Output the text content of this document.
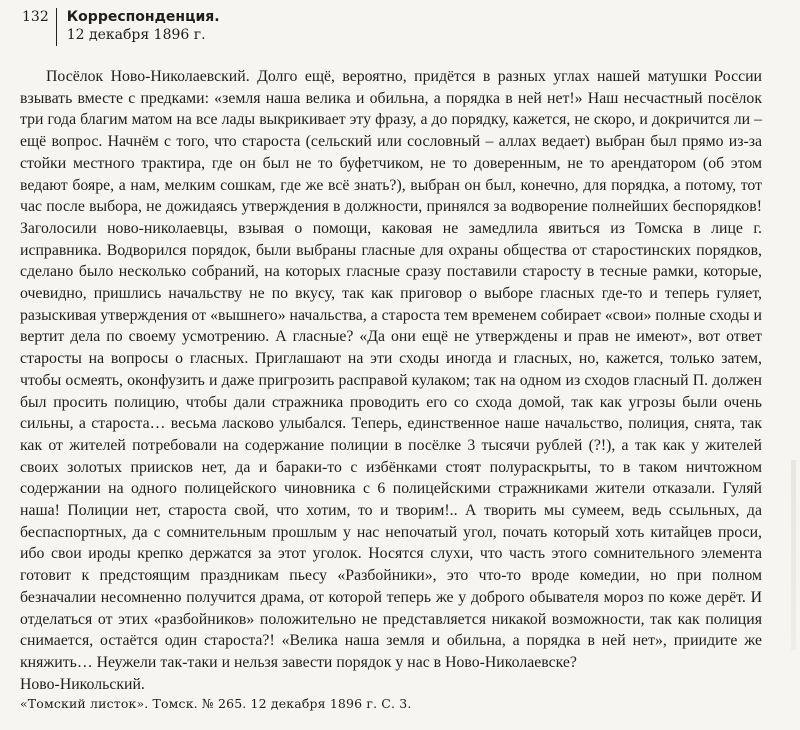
132	Корреспонденция.
12 декабря 1896 г.

Посёлок Ново-Николаевский. Долго ещё, вероятно, придётся в разных углах нашей матушки России взывать вместе с предками: «земля наша велика и обильна, а порядка в ней нет!» Наш несчастный посёлок три года благим матом на все лады выкрикивает эту фразу, а до порядку, кажется, не скоро, и докричится ли – ещё вопрос. Начнём с того, что староста (сельский или сословный – аллах ведает) выбран был прямо из-за стойки местного трактира, где он был не то буфетчиком, не то доверенным, не то арендатором (об этом ведают бояре, а нам, мелким сошкам, где же всё знать?), выбран он был, конечно, для порядка, а потому, тот час после выбора, не дожидаясь утверждения в должности, принялся за водворение полнейших беспорядков! Заголосили ново-николаевцы, взывая о помощи, каковая не замедлила явиться из Томска в лице г. исправника. Водворился порядок, были выбраны гласные для охраны общества от старостинских порядков, сделано было несколько собраний, на которых гласные сразу поставили старосту в тесные рамки, которые, очевидно, пришлись начальству не по вкусу, так как приговор о выборе гласных где-то и теперь гуляет, разыскивая утверждения от «вышнего» начальства, а староста тем временем собирает «свои» полные сходы и вертит дела по своему усмотрению. А гласные? «Да они ещё не утверждены и прав не имеют», вот ответ старосты на вопросы о гласных. Приглашают на эти сходы иногда и гласных, но, кажется, только затем, чтобы осмеять, оконфузить и даже пригрозить расправой кулаком; так на одном из сходов гласный П. должен был просить полицию, чтобы дали стражника проводить его со схода домой, так как угрозы были очень сильны, а староста… весьма ласково улыбался. Теперь, единственное наше начальство, полиция, снята, так как от жителей потребовали на содержание полиции в посёлке 3 тысячи рублей (?!), а так как у жителей своих золотых приисков нет, да и бараки-то с избёнками стоят полураскрыты, то в таком ничтожном содержании на одного полицейского чиновника с 6 полицейскими стражниками жители отказали. Гуляй наша! Полиции нет, староста свой, что хотим, то и творим!.. А творить мы сумеем, ведь ссыльных, да беспаспортных, да с сомнительным прошлым у нас непочатый угол, почать который хоть китайцев проси, ибо свои ироды крепко держатся за этот уголок. Носятся слухи, что часть этого сомнительного элемента готовит к предстоящим праздникам пьесу «Разбойники», это что-то вроде комедии, но при полном безначалии несомненно получится драма, от которой теперь же у доброго обывателя мороз по коже дерёт. И отделаться от этих «разбойников» положительно не представляется никакой возможности, так как полиция снимается, остаётся один староста?! «Велика наша земля и обильна, а порядка в ней нет», приидите же княжить… Неужели так-таки и нельзя завести порядок у нас в Ново-Николаевске?

Ново-Никольский.

«Томский листок». Томск. № 265. 12 декабря 1896 г. С. 3.
